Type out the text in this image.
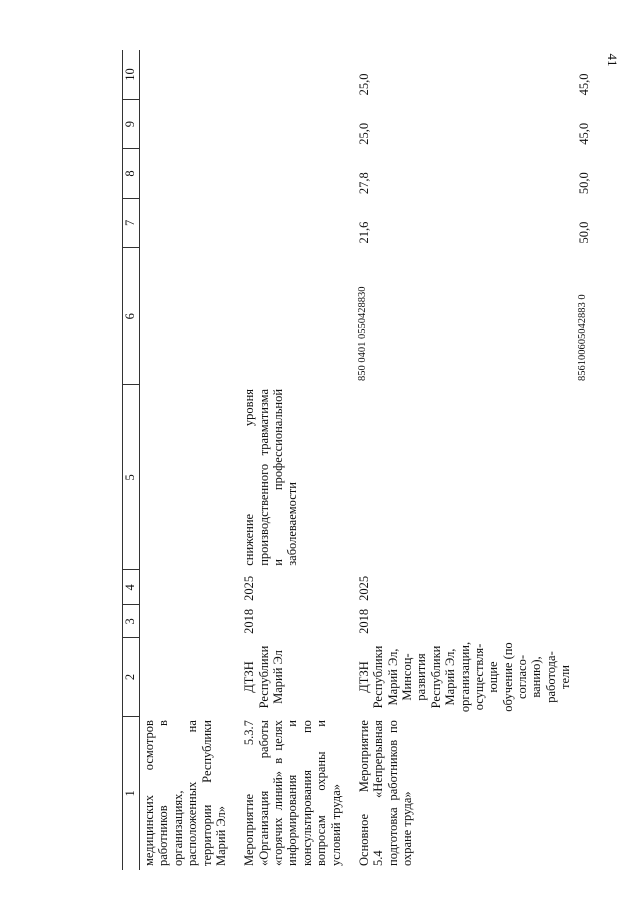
41
1	2	3	4	5	6	7	8	9	10
медицинских осмотров работников в организациях, расположенных на территории Республики Марий Эл»									
Мероприятие 5.3.7 «Организация работы «горячих линий» в целях информирования и консультирования по вопросам охраны и условий труда»	ДТЗН Республики Марий Эл	2018	2025	снижение уровня производственного травматизма и профессиональной заболеваемости					
Основное Мероприятие 5.4 «Непрерывная подготовка работников по охране труда»	ДТЗН Республики Марий Эл, Минсоц-развития Республики Марий Эл, организации, осуществля-ющие обучение (по согласо-ванию), работода-тели	2018	2025		850 0401 0550428830	21,6	27,8	25,0	25,0
					856100605042883 0	50,0	50,0	45,0	45,0
